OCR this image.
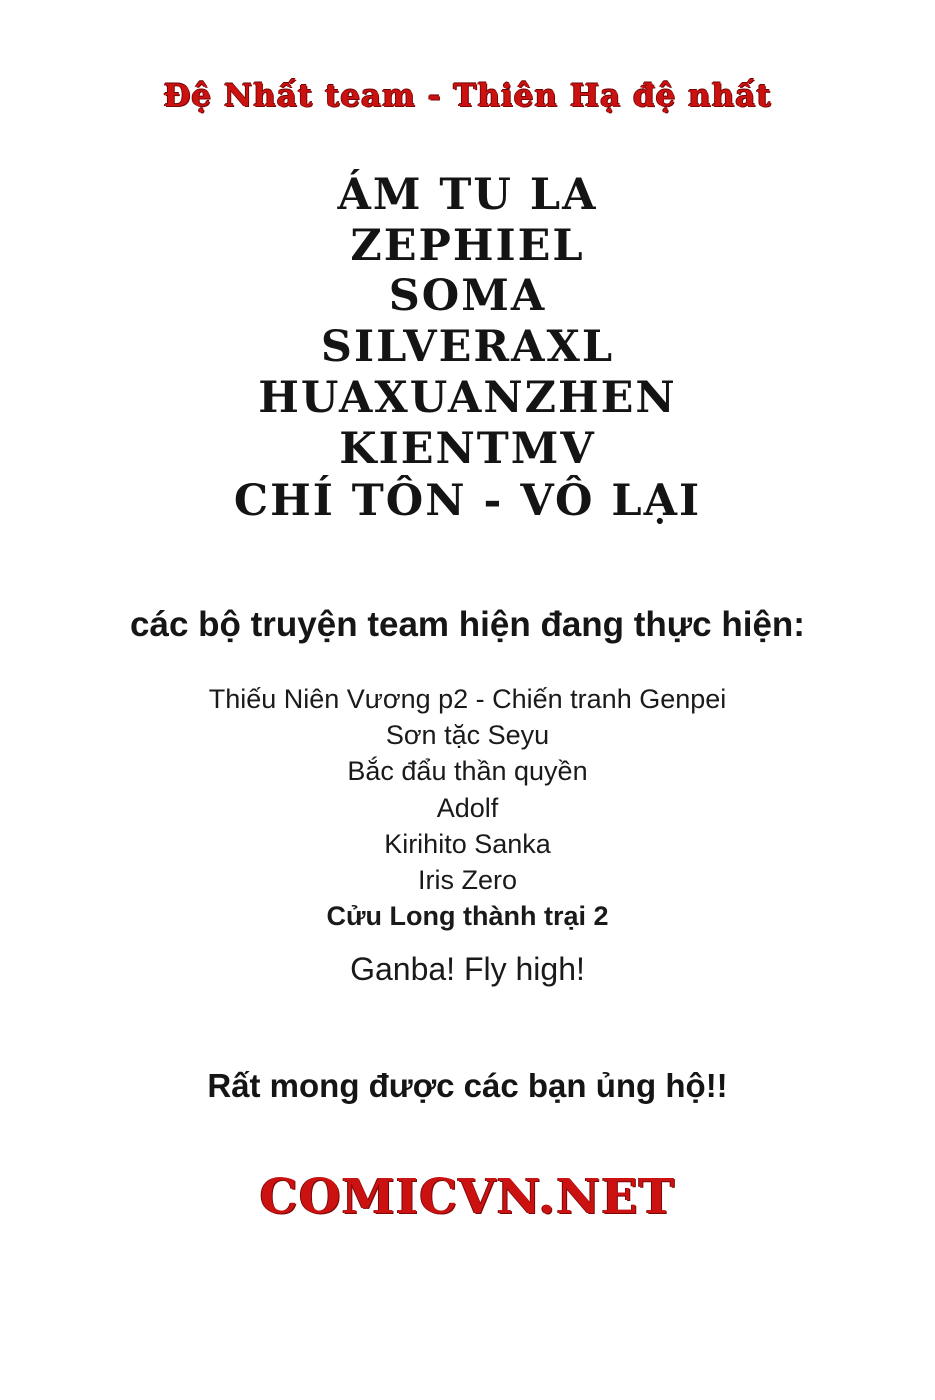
Đệ Nhất team - Thiên Hạ đệ nhất
ÁM TU LA
ZEPHIEL
SOMA
SILVERAXL
HUAXUANZHEN
KIENTMV
CHÍ TÔN - VÔ LẠI
các bộ truyện team hiện đang thực hiện:
Thiếu Niên Vương p2 - Chiến tranh Genpei
Sơn tặc Seyu
Bắc đẩu thần quyền
Adolf
Kirihito Sanka
Iris Zero
Cửu Long thành trại 2
Ganba! Fly high!
Rất mong được các bạn ủng hộ!!
COMICVN.NET
